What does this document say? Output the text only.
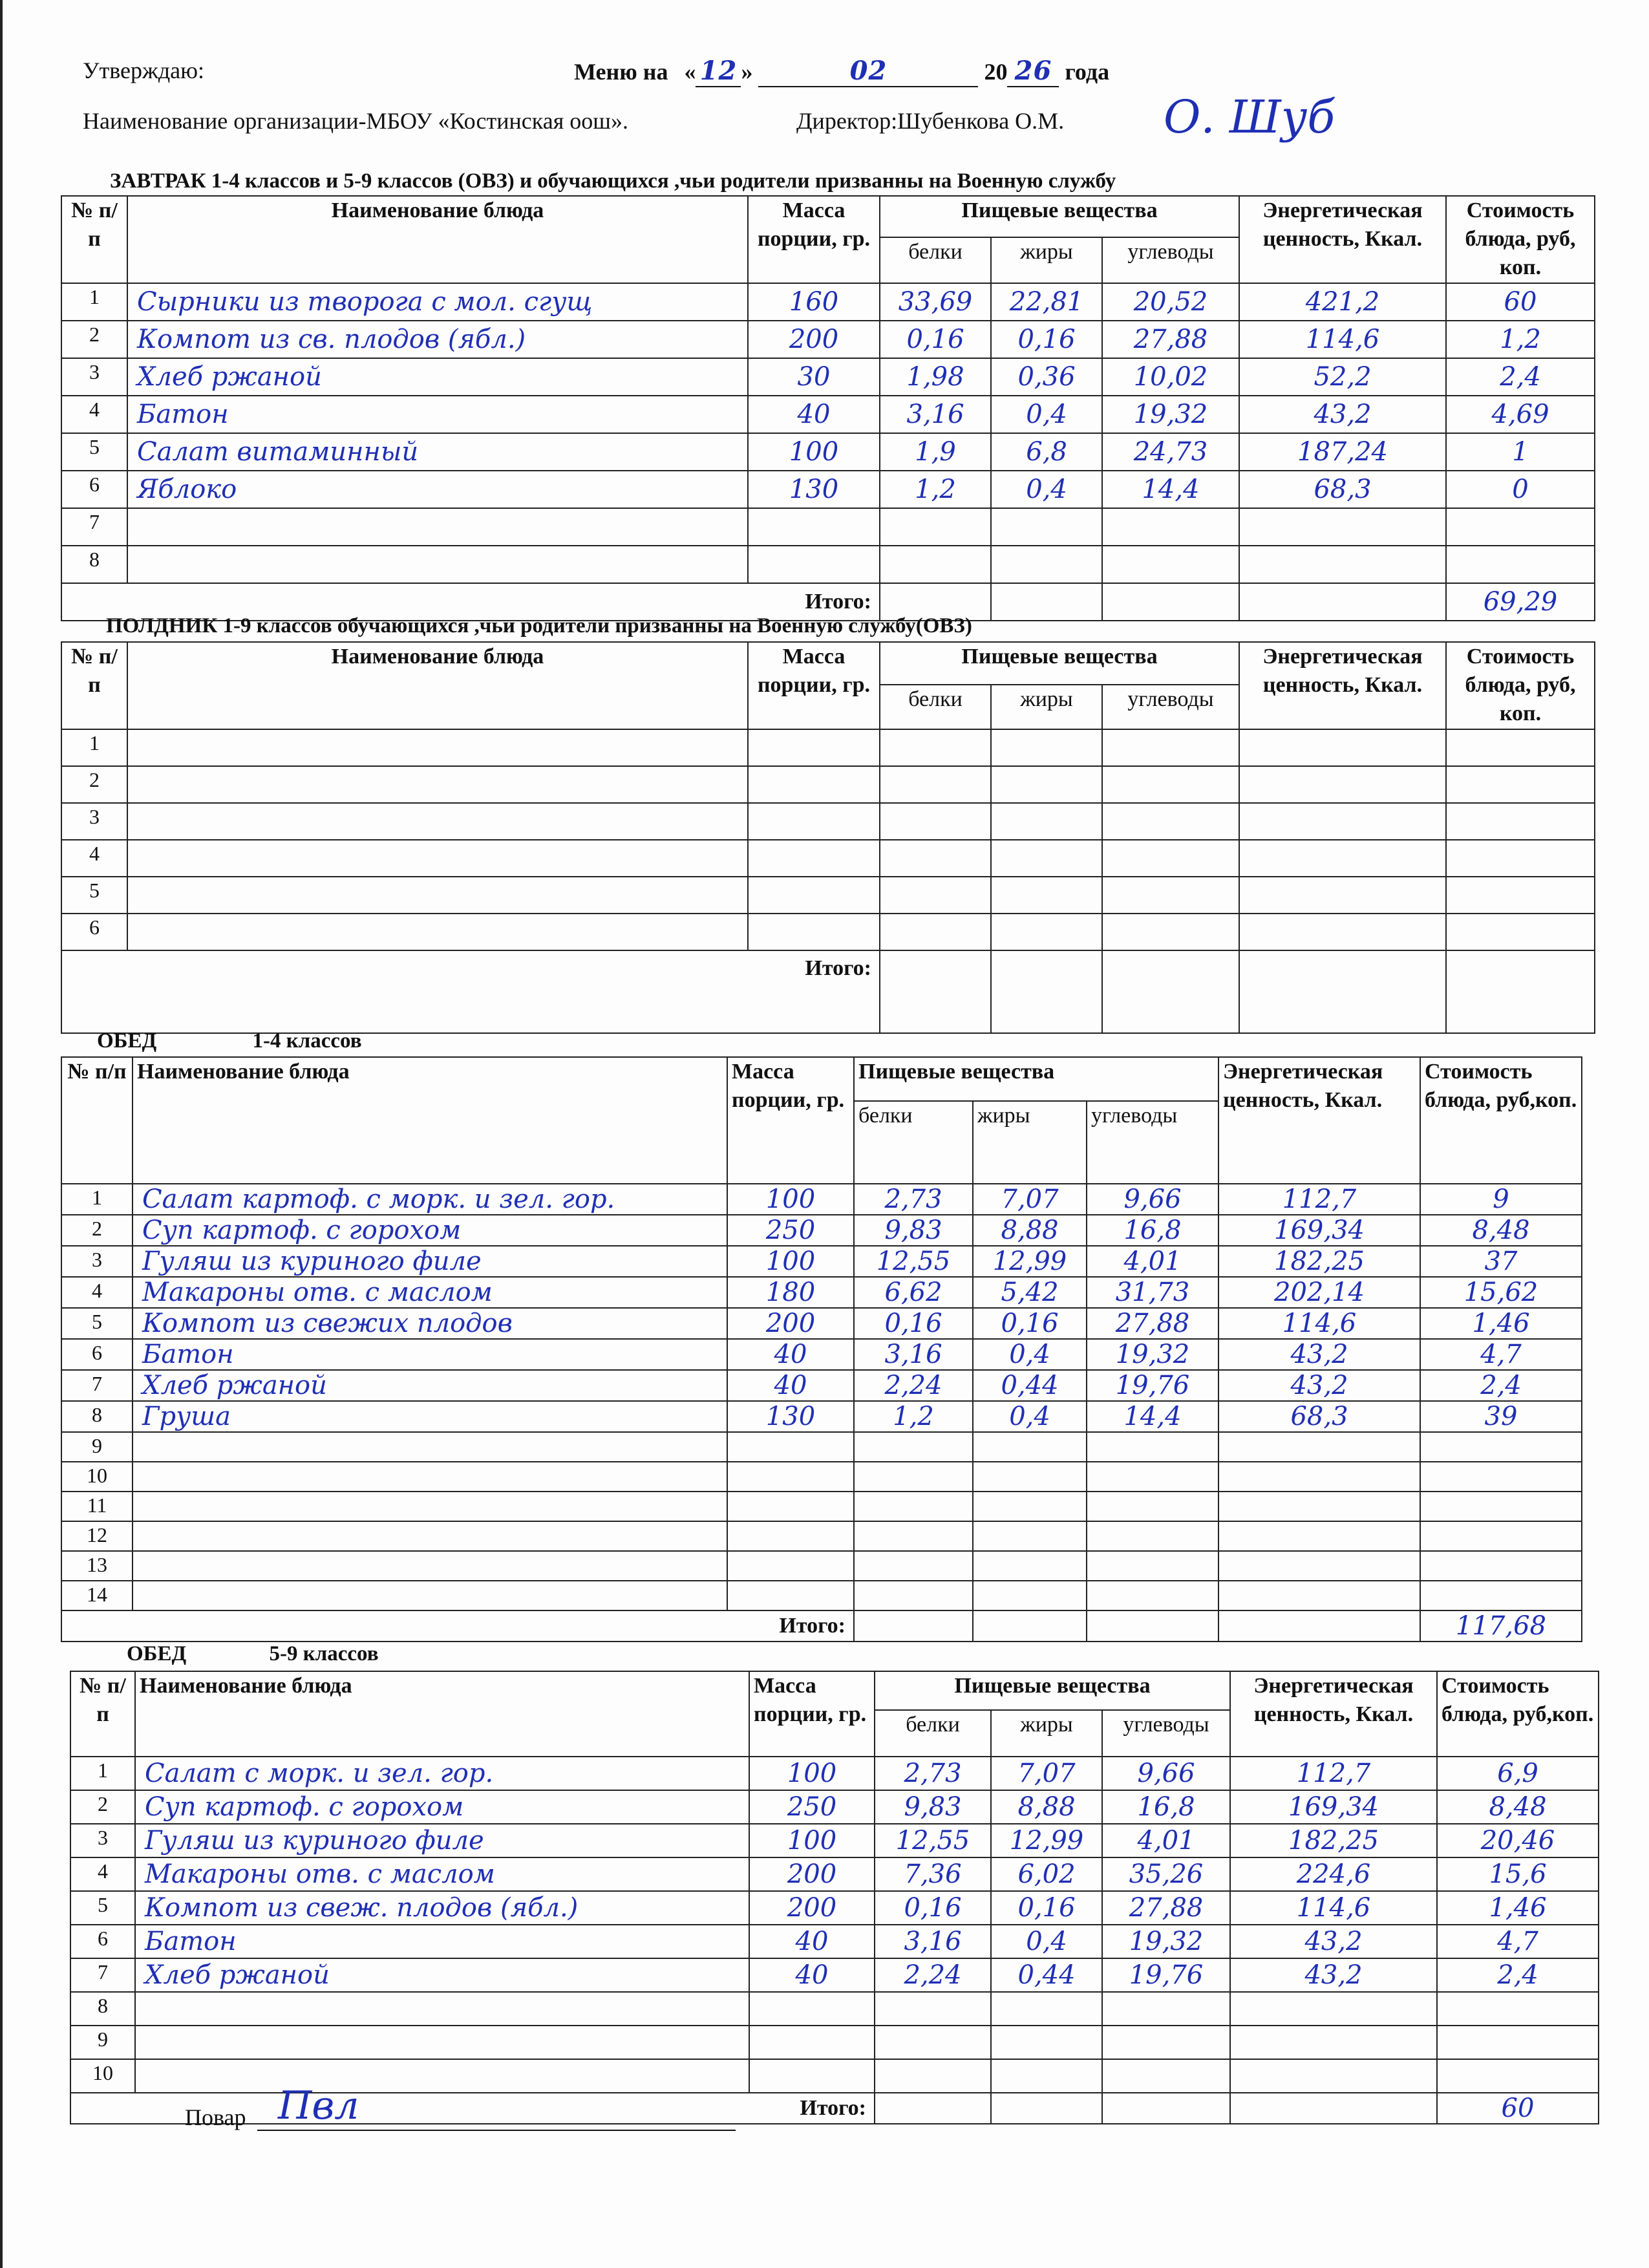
Утверждаю:	Меню на « 12 »	02	20 26 года
Наименование организации-МБОУ «Костинская оош».	Директор:Шубенкова О.М. О. Шуб
ЗАВТРАК 1-4 классов и 5-9 классов (ОВЗ) и обучающихся ,чьи родители призванны на Военную службу
№ п/п	Наименование блюда	Масса порции, гр.	Пищевые вещества			Энергетическая ценность, Ккал.	Стоимость блюда, руб, коп.
			белки	жиры	углеводы		
1	Сырники из творога с мол. сгущ	160	33,69	22,81	20,52	421,2	60
2	Компот из св. плодов (ябл.)	200	0,16	0,16	27,88	114,6	1,2
3	Хлеб ржаной	30	1,98	0,36	10,02	52,2	2,4
4	Батон	40	3,16	0,4	19,32	43,2	4,69
5	Салат витаминный	100	1,9	6,8	24,73	187,24	1
6	Яблоко	130	1,2	0,4	14,4	68,3	0
7							
8							
Итого:							69,29
ПОЛДНИК 1-9 классов обучающихся ,чьи родители призванны на Военную службу(ОВЗ)
№ п/п	Наименование блюда	Масса порции, гр.	Пищевые вещества			Энергетическая ценность, Ккал.	Стоимость блюда, руб, коп.
			белки	жиры	углеводы		
1							
2							
3							
4							
5							
6							
Итого:							
ОБЕД	1-4 классов
№ п/п	Наименование блюда	Масса порции, гр.	Пищевые вещества			Энергетическая ценность, Ккал.	Стоимость блюда, руб,коп.
			белки	жиры	углеводы		
1	Салат картоф. с морк. и зел. гор.	100	2,73	7,07	9,66	112,7	9
2	Суп картоф. с горохом	250	9,83	8,88	16,8	169,34	8,48
3	Гуляш из куриного филе	100	12,55	12,99	4,01	182,25	37
4	Макароны отв. с маслом	180	6,62	5,42	31,73	202,14	15,62
5	Компот из свежих плодов	200	0,16	0,16	27,88	114,6	1,46
6	Батон	40	3,16	0,4	19,32	43,2	4,7
7	Хлеб ржаной	40	2,24	0,44	19,76	43,2	2,4
8	Груша	130	1,2	0,4	14,4	68,3	39
9							
10							
11							
12							
13							
14							
Итого:							117,68
ОБЕД	5-9 классов
№ п/п	Наименование блюда	Масса порции, гр.	Пищевые вещества			Энергетическая ценность, Ккал.	Стоимость блюда, руб,коп.
			белки	жиры	углеводы		
1	Салат с морк. и зел. гор.	100	2,73	7,07	9,66	112,7	6,9
2	Суп картоф. с горохом	250	9,83	8,88	16,8	169,34	8,48
3	Гуляш из куриного филе	100	12,55	12,99	4,01	182,25	20,46
4	Макароны отв. с маслом	200	7,36	6,02	35,26	224,6	15,6
5	Компот из свеж. плодов (ябл.)	200	0,16	0,16	27,88	114,6	1,46
6	Батон	40	3,16	0,4	19,32	43,2	4,7
7	Хлеб ржаной	40	2,24	0,44	19,76	43,2	2,4
8							
9							
10							
Итого:							60
Повар Пвл
